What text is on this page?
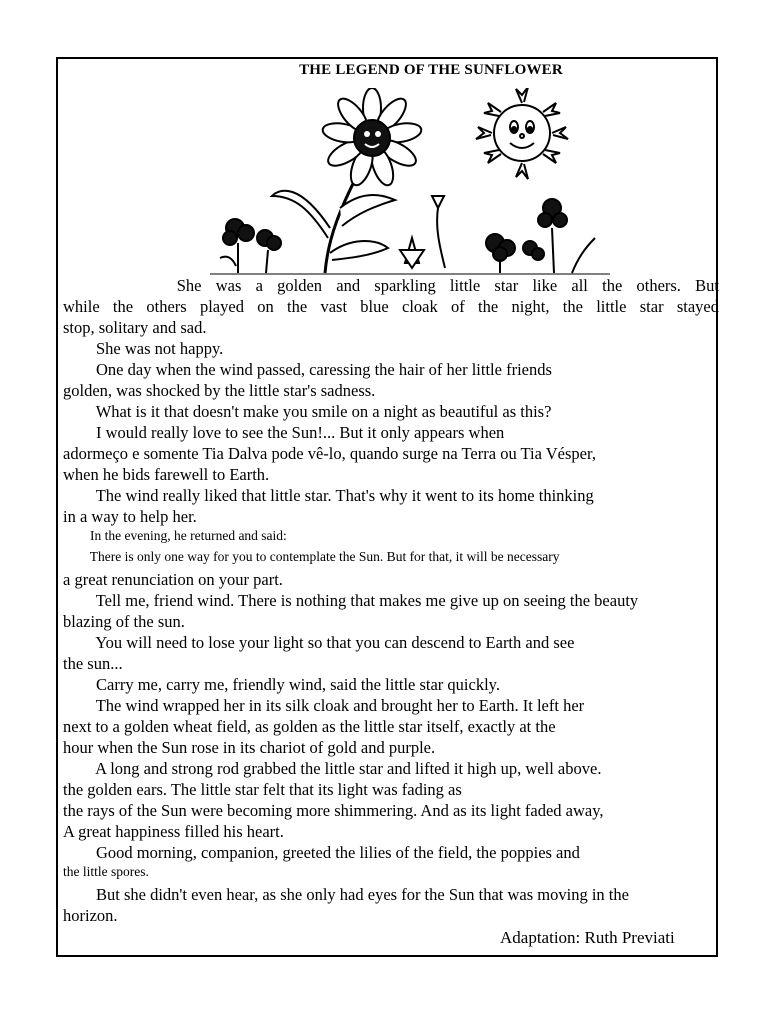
THE LEGEND OF THE SUNFLOWER
She was a golden and sparkling little star like all the others. But
while the others played on the vast blue cloak of the night, the little star stayed
stop, solitary and sad.
She was not happy.
One day when the wind passed, caressing the hair of her little friends
golden, was shocked by the little star's sadness.
What is it that doesn't make you smile on a night as beautiful as this?
I would really love to see the Sun!... But it only appears when
adormeço e somente Tia Dalva pode vê-lo, quando surge na Terra ou Tia Vésper,
when he bids farewell to Earth.
The wind really liked that little star. That's why it went to its home thinking
in a way to help her.
In the evening, he returned and said:
There is only one way for you to contemplate the Sun. But for that, it will be necessary
a great renunciation on your part.
Tell me, friend wind. There is nothing that makes me give up on seeing the beauty
blazing of the sun.
You will need to lose your light so that you can descend to Earth and see
the sun...
Carry me, carry me, friendly wind, said the little star quickly.
The wind wrapped her in its silk cloak and brought her to Earth. It left her
next to a golden wheat field, as golden as the little star itself, exactly at the
hour when the Sun rose in its chariot of gold and purple.
A long and strong rod grabbed the little star and lifted it high up, well above.
the golden ears. The little star felt that its light was fading as
the rays of the Sun were becoming more shimmering. And as its light faded away,
A great happiness filled his heart.
Good morning, companion, greeted the lilies of the field, the poppies and
the little spores.
But she didn't even hear, as she only had eyes for the Sun that was moving in the
horizon.
Adaptation: Ruth Previati
